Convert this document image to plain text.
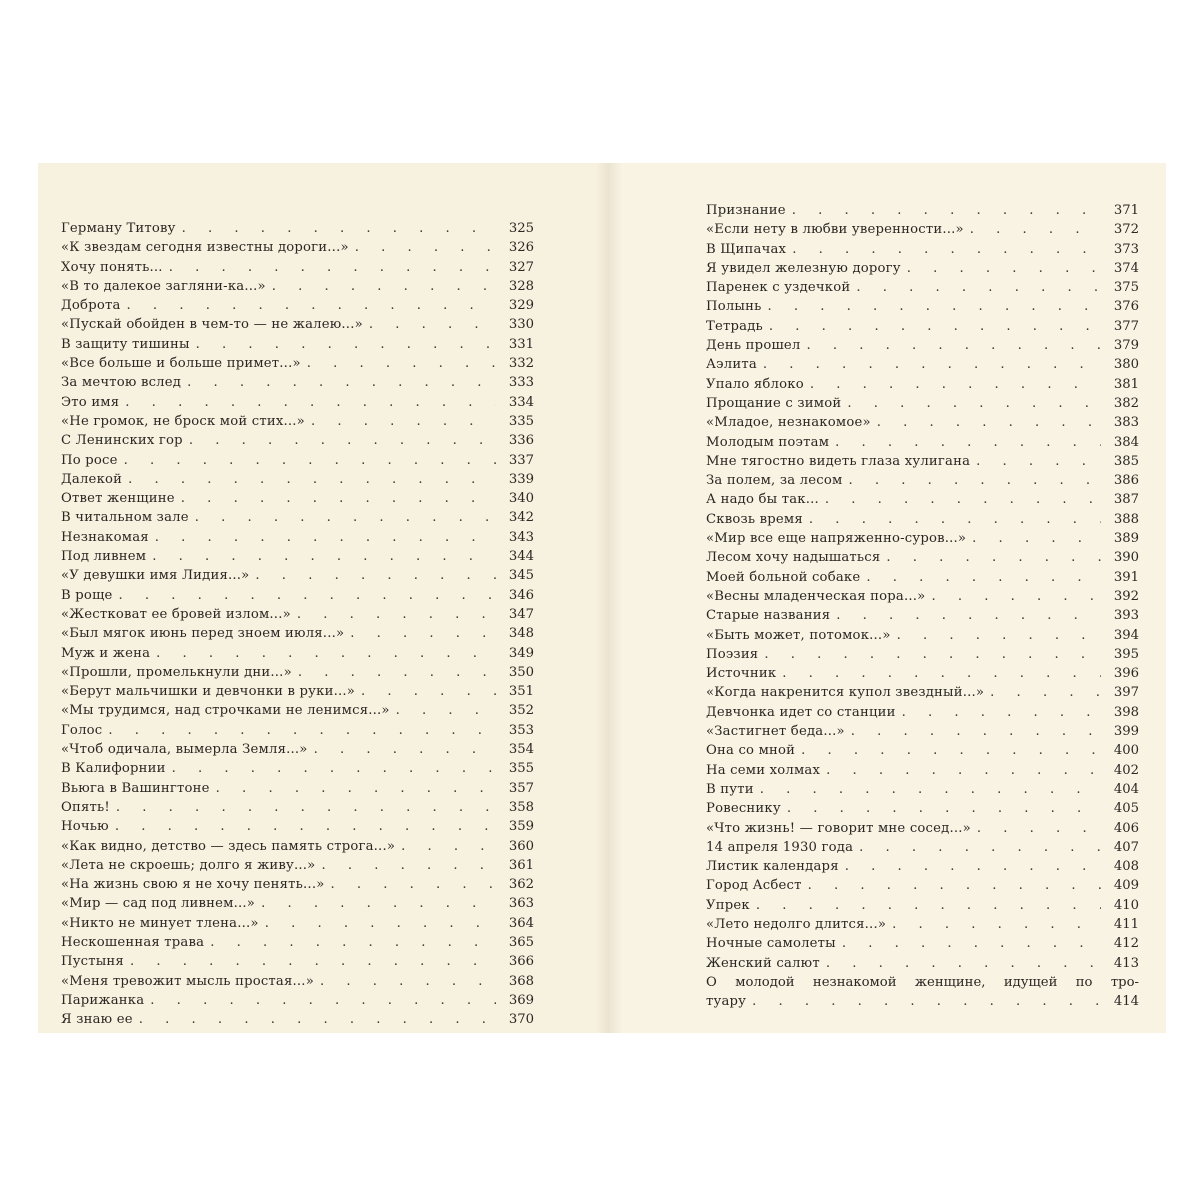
Герману Титову . . .	325
«К звездам сегодня известны дороги...» . . .	326
Хочу понять... . . .	327
«В то далекое загляни-ка...» . . .	328
Доброта . . .	329
«Пускай обойден в чем-то — не жалею...» . . .	330
В защиту тишины . . .	331
«Все больше и больше примет...» . . .	332
За мечтою вслед . . .	333
Это имя . . .	334
«Не громок, не броск мой стих...» . . .	335
С Ленинских гор . . .	336
По росе . . .	337
Далекой . . .	339
Ответ женщине . . .	340
В читальном зале . . .	342
Незнакомая . . .	343
Под ливнем . . .	344
«У девушки имя Лидия...» . . .	345
В роще . . .	346
«Жестковат ее бровей излом...» . . .	347
«Был мягок июнь перед зноем июля...» . . .	348
Муж и жена . . .	349
«Прошли, промелькнули дни...» . . .	350
«Берут мальчишки и девчонки в руки...» . . .	351
«Мы трудимся, над строчками не ленимся...» . . .	352
Голос . . .	353
«Чтоб одичала, вымерла Земля...» . . .	354
В Калифорнии . . .	355
Вьюга в Вашингтоне . . .	357
Опять! . . .	358
Ночью . . .	359
«Как видно, детство — здесь память строга...» . . .	360
«Лета не скроешь; долго я живу...» . . .	361
«На жизнь свою я не хочу пенять...» . . .	362
«Мир — сад под ливнем...» . . .	363
«Никто не минует тлена...» . . .	364
Нескошенная трава . . .	365
Пустыня . . .	366
«Меня тревожит мысль простая...» . . .	368
Парижанка . . .	369
Я знаю ее . . .	370
Признание . . .	371
«Если нету в любви уверенности...» . . .	372
В Щипачах . . .	373
Я увидел железную дорогу . . .	374
Паренек с уздечкой . . .	375
Полынь . . .	376
Тетрадь . . .	377
День прошел . . .	379
Аэлита . . .	380
Упало яблоко . . .	381
Прощание с зимой . . .	382
«Младое, незнакомое» . . .	383
Молодым поэтам . . .	384
Мне тягостно видеть глаза хулигана . . .	385
За полем, за лесом . . .	386
А надо бы так... . . .	387
Сквозь время . . .	388
«Мир все еще напряженно-суров...» . . .	389
Лесом хочу надышаться . . .	390
Моей больной собаке . . .	391
«Весны младенческая пора...» . . .	392
Старые названия . . .	393
«Быть может, потомок...» . . .	394
Поэзия . . .	395
Источник . . .	396
«Когда накренится купол звездный...» . . .	397
Девчонка идет со станции . . .	398
«Застигнет беда...» . . .	399
Она со мной . . .	400
На семи холмах . . .	402
В пути . . .	404
Ровеснику . . .	405
«Что жизнь! — говорит мне сосед...» . . .	406
14 апреля 1930 года . . .	407
Листик календаря . . .	408
Город Асбест . . .	409
Упрек . . .	410
«Лето недолго длится...» . . .	411
Ночные самолеты . . .	412
Женский салют . . .	413
О молодой незнакомой женщине, идущей по тро-
туару . . .	414
